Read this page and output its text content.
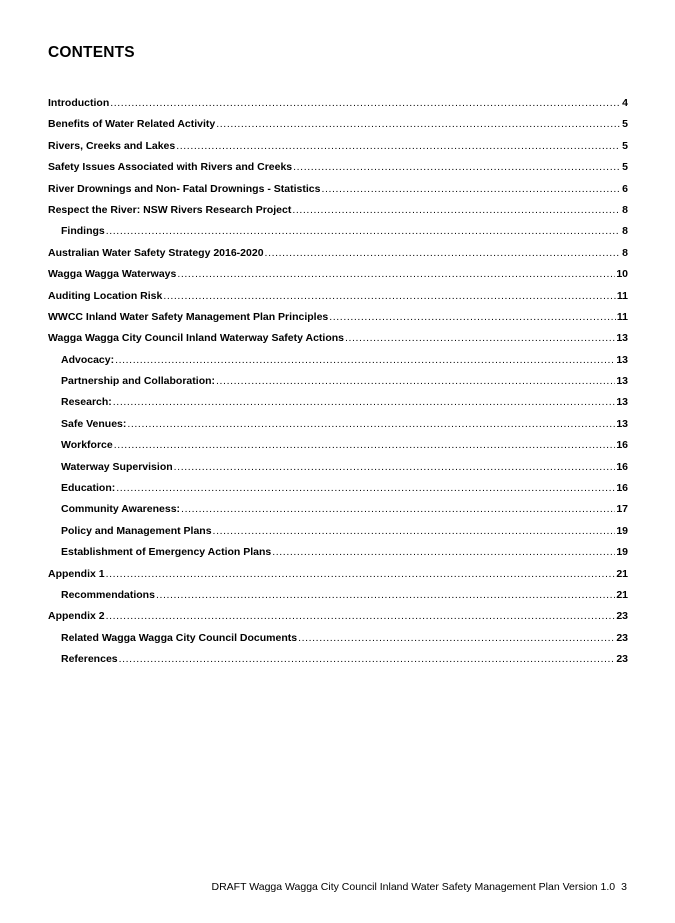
CONTENTS
Introduction .....	4
Benefits of Water Related Activity .....	5
Rivers, Creeks and Lakes .....	5
Safety Issues Associated with Rivers and Creeks .....	5
River Drownings and Non- Fatal Drownings - Statistics .....	6
Respect the River: NSW Rivers Research Project .....	8
Findings .....	8
Australian Water Safety Strategy 2016-2020 .....	8
Wagga Wagga Waterways .....	10
Auditing Location Risk .....	11
WWCC Inland Water Safety Management Plan Principles .....	11
Wagga Wagga City Council Inland Waterway Safety Actions .....	13
Advocacy: .....	13
Partnership and Collaboration: .....	13
Research: .....	13
Safe Venues: .....	13
Workforce .....	16
Waterway Supervision .....	16
Education: .....	16
Community Awareness: .....	17
Policy and Management Plans .....	19
Establishment of Emergency Action Plans .....	19
Appendix 1 .....	21
Recommendations .....	21
Appendix 2 .....	23
Related Wagga Wagga City Council Documents .....	23
References .....	23
DRAFT Wagga Wagga City Council Inland Water Safety Management Plan Version 1.0 3
